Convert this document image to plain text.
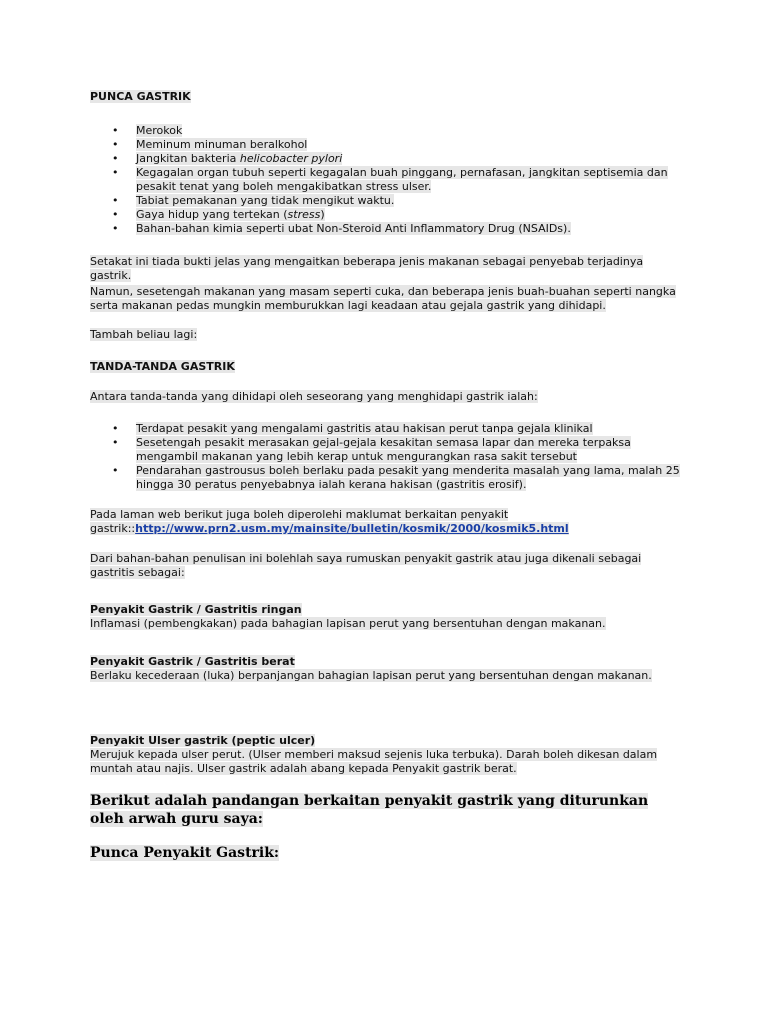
PUNCA GASTRIK

• Merokok
• Meminum minuman beralkohol
• Jangkitan bakteria helicobacter pylori
• Kegagalan organ tubuh seperti kegagalan buah pinggang, pernafasan, jangkitan septisemia dan pesakit tenat yang boleh mengakibatkan stress ulser.
• Tabiat pemakanan yang tidak mengikut waktu.
• Gaya hidup yang tertekan (stress)
• Bahan-bahan kimia seperti ubat Non-Steroid Anti Inflammatory Drug (NSAIDs).

Setakat ini tiada bukti jelas yang mengaitkan beberapa jenis makanan sebagai penyebab terjadinya gastrik.

Namun, sesetengah makanan yang masam seperti cuka, dan beberapa jenis buah-buahan seperti nangka serta makanan pedas mungkin memburukkan lagi keadaan atau gejala gastrik yang dihidapi.

Tambah beliau lagi:

TANDA-TANDA GASTRIK

Antara tanda-tanda yang dihidapi oleh seseorang yang menghidapi gastrik ialah:

• Terdapat pesakit yang mengalami gastritis atau hakisan perut tanpa gejala klinikal
• Sesetengah pesakit merasakan gejal-gejala kesakitan semasa lapar dan mereka terpaksa mengambil makanan yang lebih kerap untuk mengurangkan rasa sakit tersebut
• Pendarahan gastrousus boleh berlaku pada pesakit yang menderita masalah yang lama, malah 25 hingga 30 peratus penyebabnya ialah kerana hakisan (gastritis erosif).

Pada laman web berikut juga boleh diperolehi maklumat berkaitan penyakit
gastrik::http://www.prn2.usm.my/mainsite/bulletin/kosmik/2000/kosmik5.html

Dari bahan-bahan penulisan ini bolehlah saya rumuskan penyakit gastrik atau juga dikenali sebagai gastritis sebagai:

Penyakit Gastrik / Gastritis ringan
Inflamasi (pembengkakan) pada bahagian lapisan perut yang bersentuhan dengan makanan.

Penyakit Gastrik / Gastritis berat
Berlaku kecederaan (luka) berpanjangan bahagian lapisan perut yang bersentuhan dengan makanan.

Penyakit Ulser gastrik (peptic ulcer)
Merujuk kepada ulser perut. (Ulser memberi maksud sejenis luka terbuka). Darah boleh dikesan dalam muntah atau najis. Ulser gastrik adalah abang kepada Penyakit gastrik berat.

Berikut adalah pandangan berkaitan penyakit gastrik yang diturunkan oleh arwah guru saya:

Punca Penyakit Gastrik:
